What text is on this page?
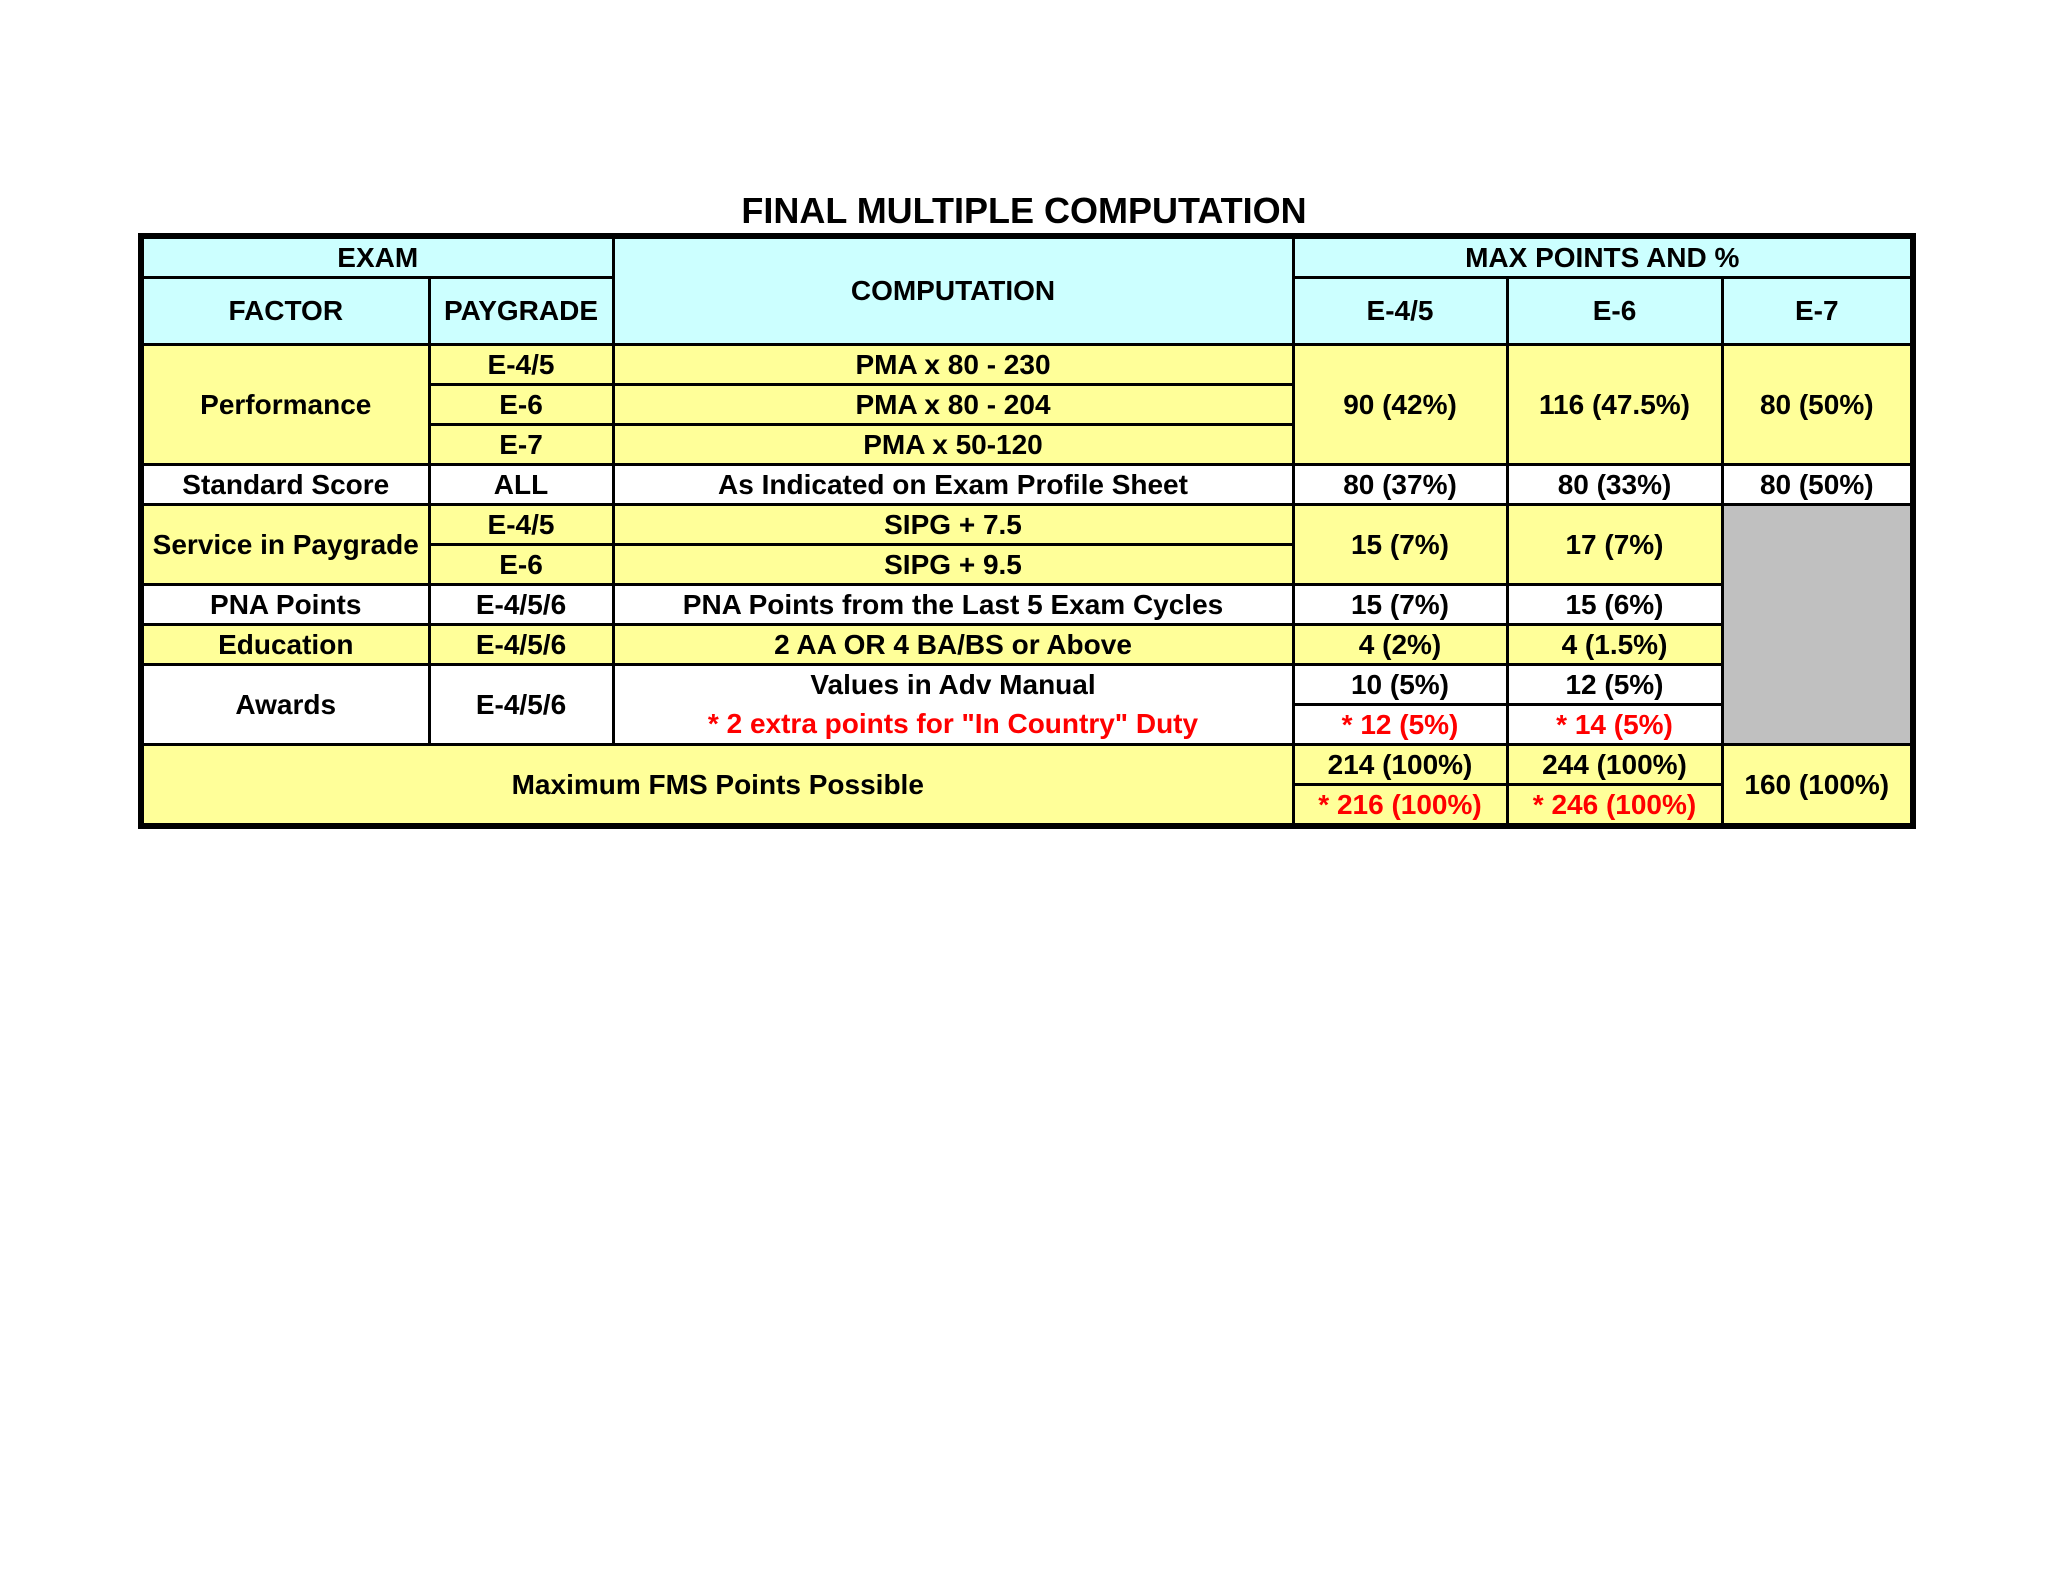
FINAL MULTIPLE COMPUTATION
EXAM		COMPUTATION	MAX POINTS AND %		
FACTOR	PAYGRADE		E-4/5	E-6	E-7
Performance	E-4/5	PMA x 80 - 230	90 (42%)	116 (47.5%)	80 (50%)
	E-6	PMA x 80 - 204			
	E-7	PMA x 50-120			
Standard Score	ALL	As Indicated on Exam Profile Sheet	80 (37%)	80 (33%)	80 (50%)
Service in Paygrade	E-4/5	SIPG + 7.5	15 (7%)	17 (7%)	
	E-6	SIPG + 9.5			
PNA Points	E-4/5/6	PNA Points from the Last 5 Exam Cycles	15 (7%)	15 (6%)	
Education	E-4/5/6	2 AA OR 4 BA/BS or Above	4 (2%)	4 (1.5%)	
Awards	E-4/5/6	Values in Adv Manual	10 (5%)	12 (5%)	
		* 2 extra points for "In Country" Duty	* 12 (5%)	* 14 (5%)	
Maximum FMS Points Possible			214 (100%)	244 (100%)	160 (100%)
			* 216 (100%)	* 246 (100%)	
